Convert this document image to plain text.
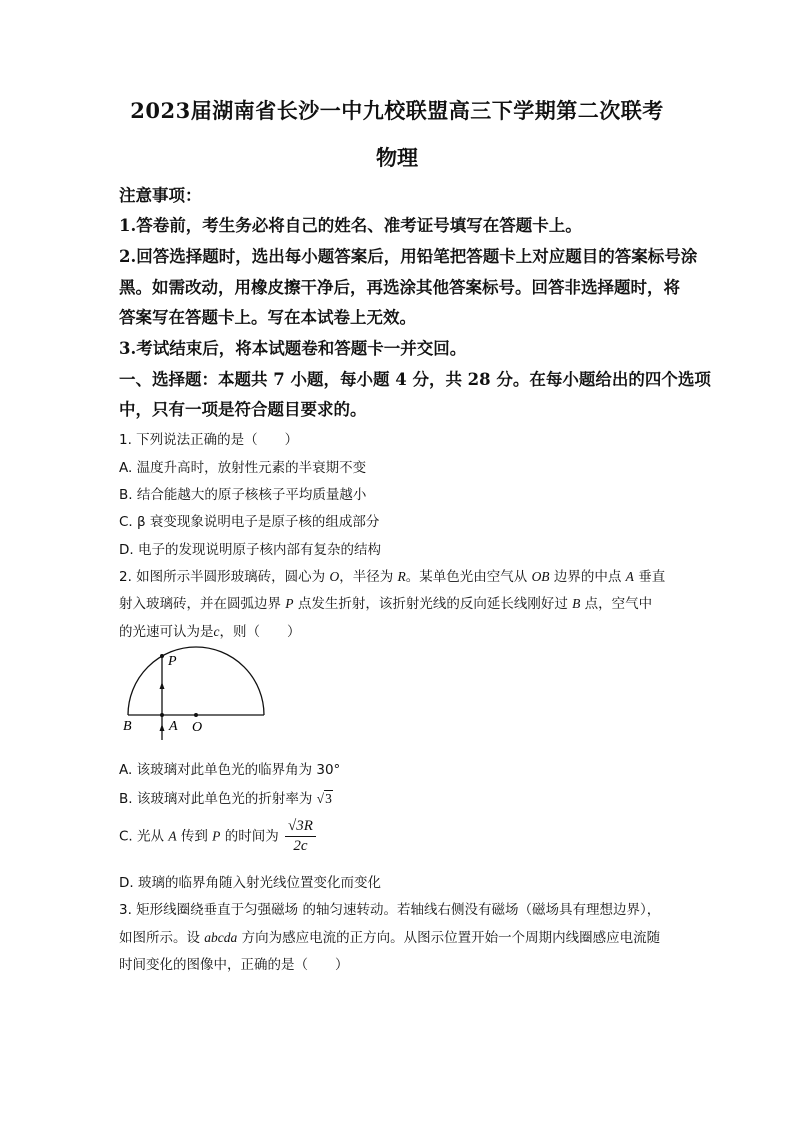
2023届湖南省长沙一中九校联盟高三下学期第二次联考
物理
注意事项：
1.答卷前，考生务必将自己的姓名、准考证号填写在答题卡上。
2.回答选择题时，选出每小题答案后，用铅笔把答题卡上对应题目的答案标号涂
黑。如需改动，用橡皮擦干净后，再选涂其他答案标号。回答非选择题时，将
答案写在答题卡上。写在本试卷上无效。
3.考试结束后，将本试题卷和答题卡一并交回。
一、选择题：本题共 7 小题，每小题 4 分，共 28 分。在每小题给出的四个选项
中，只有一项是符合题目要求的。
1. 下列说法正确的是（　　）
A. 温度升高时，放射性元素的半衰期不变
B. 结合能越大的原子核核子平均质量越小
C. β 衰变现象说明电子是原子核的组成部分
D. 电子的发现说明原子核内部有复杂的结构
2. 如图所示半圆形玻璃砖，圆心为 O，半径为 R。某单色光由空气从 OB 边界的中点 A 垂直
射入玻璃砖，并在圆弧边界 P 点发生折射，该折射光线的反向延长线刚好过 B 点，空气中
的光速可认为是c，则（　　）
P
B	A O
A. 该玻璃对此单色光的临界角为 30°
B. 该玻璃对此单色光的折射率为 √3
C. 光从 A 传到 P 的时间为 $\frac{√3R}{2c}$
D. 玻璃的临界角随入射光线位置变化而变化
3. 矩形线圈绕垂直于匀强磁场 的轴匀速转动。若轴线右侧没有磁场（磁场具有理想边界），
如图所示。设 abcda 方向为感应电流的正方向。从图示位置开始一个周期内线圈感应电流随
时间变化的图像中，正确的是（　　）
